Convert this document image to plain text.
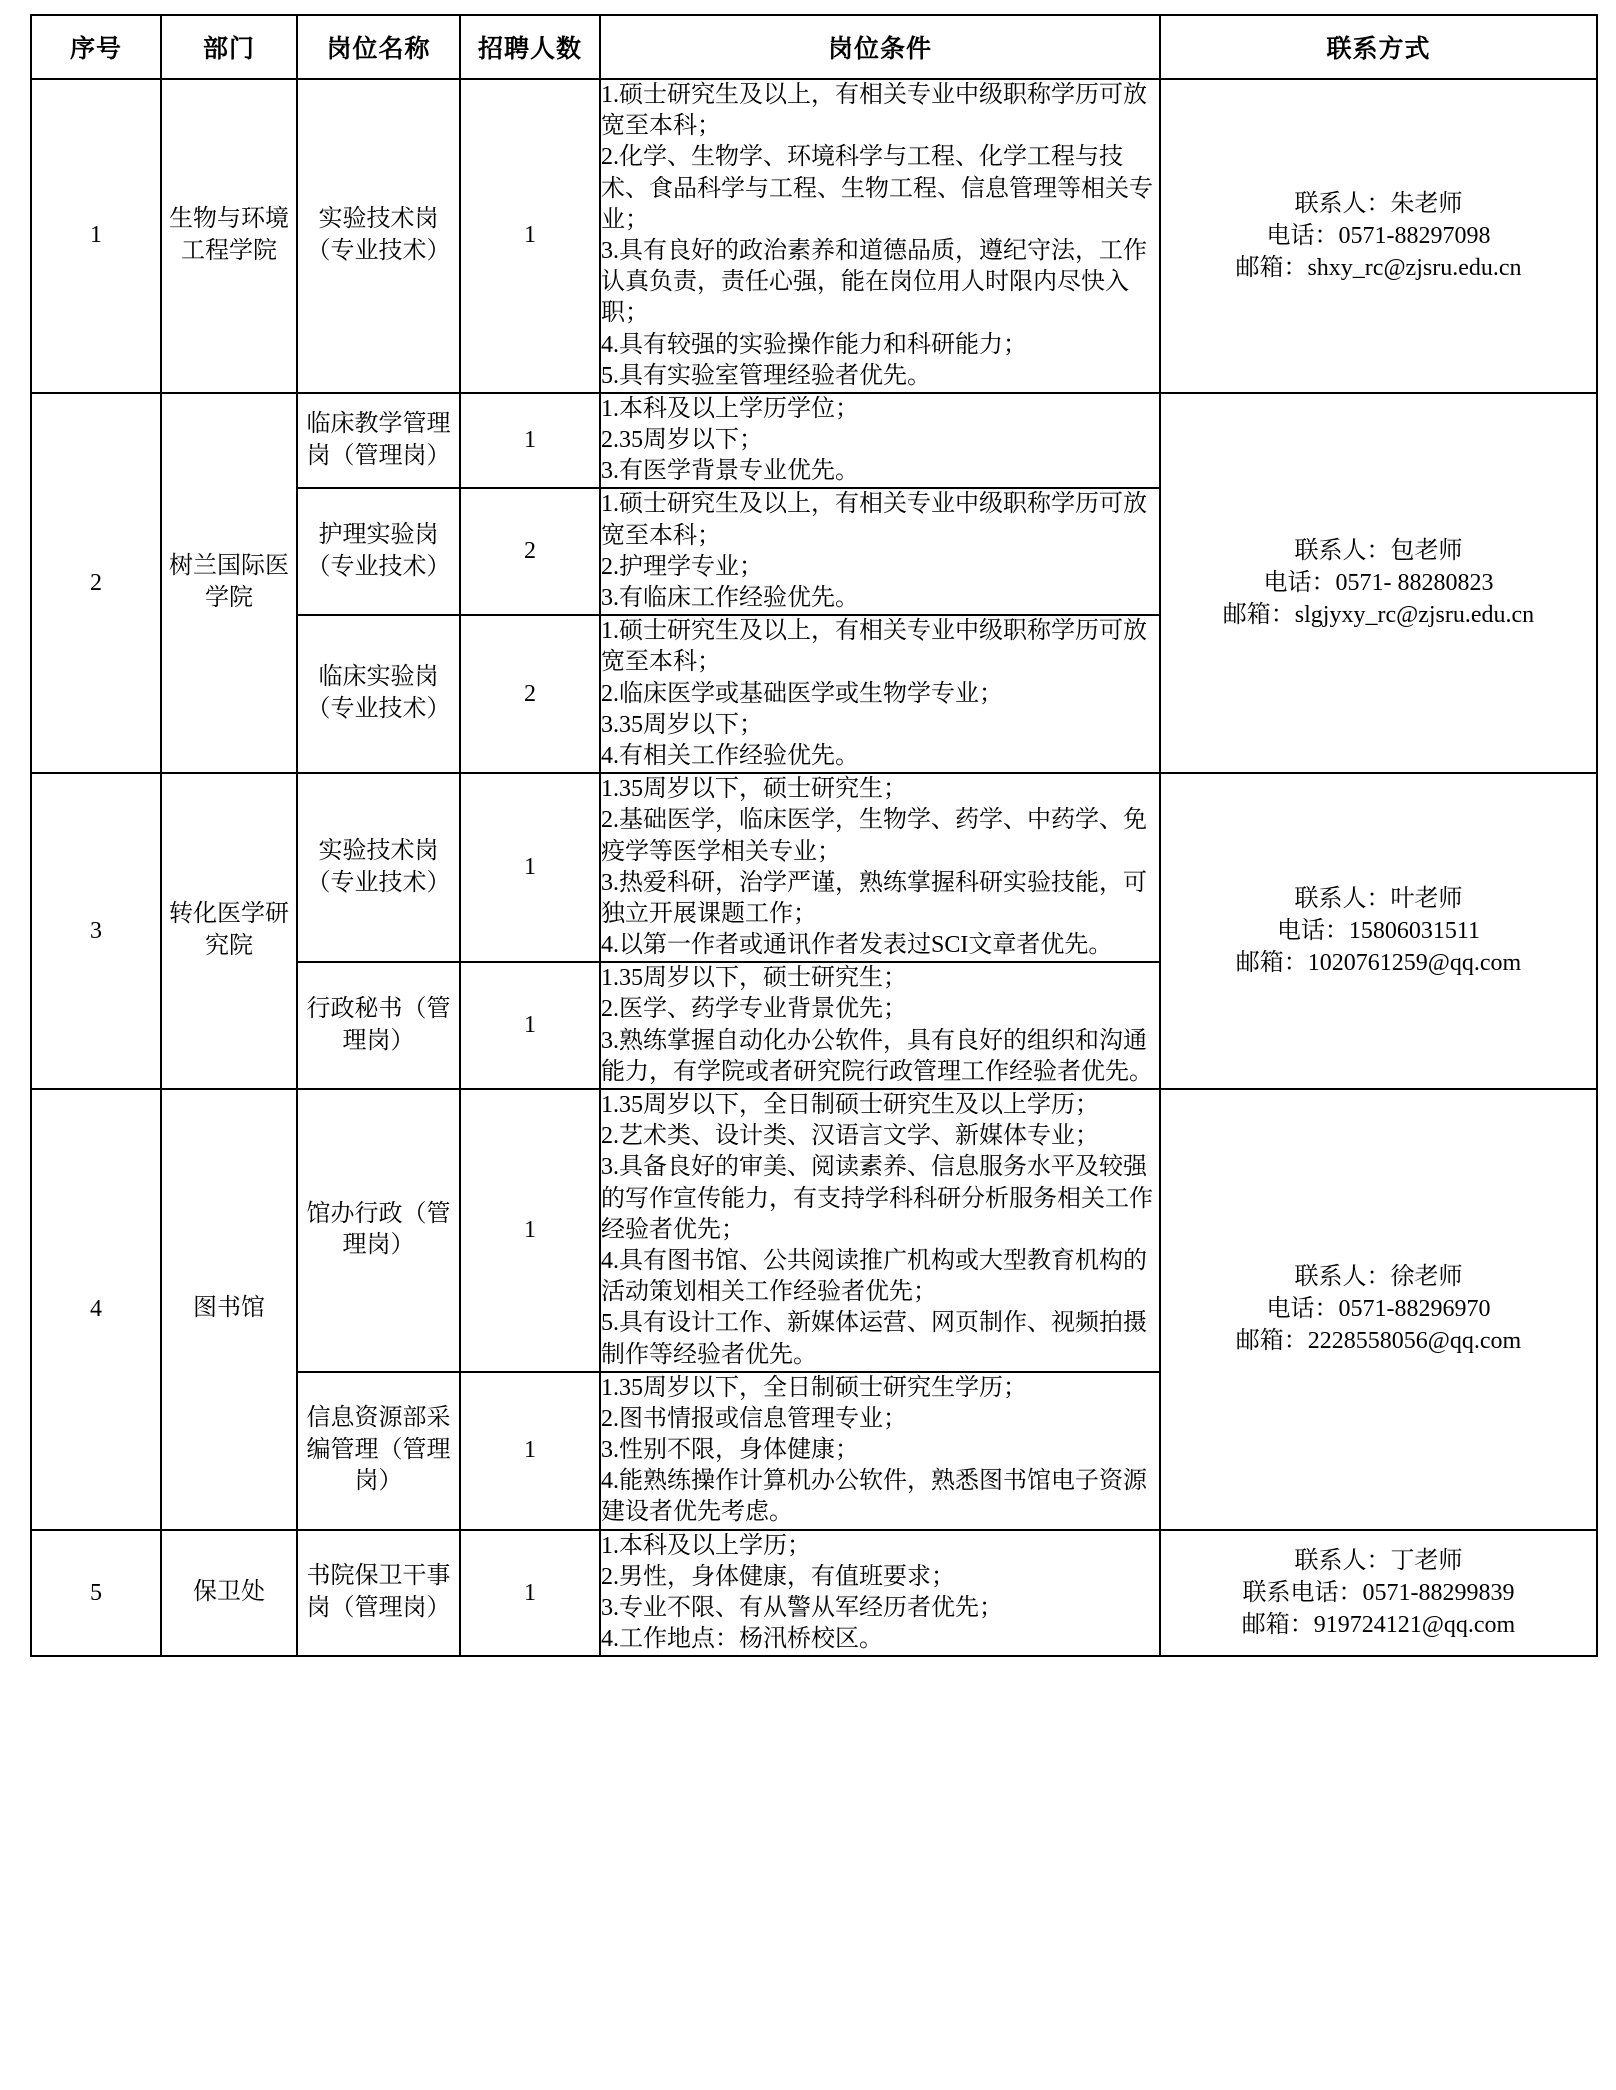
序号	部门	岗位名称	招聘人数	岗位条件	联系方式
1	生物与环境工程学院	实验技术岗（专业技术）	1	1.硕士研究生及以上，有相关专业中级职称学历可放宽至本科；
2.化学、生物学、环境科学与工程、化学工程与技术、食品科学与工程、生物工程、信息管理等相关专业；
3.具有良好的政治素养和道德品质，遵纪守法，工作认真负责，责任心强，能在岗位用人时限内尽快入职；
4.具有较强的实验操作能力和科研能力；
5.具有实验室管理经验者优先。	联系人：朱老师
电话：0571-88297098
邮箱：shxy_rc@zjsru.edu.cn

2	树兰国际医学院	临床教学管理岗（管理岗）	1	1.本科及以上学历学位；
2.35周岁以下；
3.有医学背景专业优先。	联系人：包老师
电话：0571- 88280823
邮箱：slgjyxy_rc@zjsru.edu.cn

		护理实验岗（专业技术）	2	1.硕士研究生及以上，有相关专业中级职称学历可放宽至本科；
2.护理学专业；
3.有临床工作经验优先。	

		临床实验岗（专业技术）	2	1.硕士研究生及以上，有相关专业中级职称学历可放宽至本科；
2.临床医学或基础医学或生物学专业；
3.35周岁以下；
4.有相关工作经验优先。	

3	转化医学研究院	实验技术岗（专业技术）	1	1.35周岁以下，硕士研究生；
2.基础医学，临床医学，生物学、药学、中药学、免疫学等医学相关专业；
3.热爱科研，治学严谨，熟练掌握科研实验技能，可独立开展课题工作；
4.以第一作者或通讯作者发表过SCI文章者优先。	联系人：叶老师
电话：15806031511
邮箱：1020761259@qq.com

		行政秘书（管理岗）	1	1.35周岁以下，硕士研究生；
2.医学、药学专业背景优先；
3.熟练掌握自动化办公软件，具有良好的组织和沟通能力，有学院或者研究院行政管理工作经验者优先。	

4	图书馆	馆办行政（管理岗）	1	1.35周岁以下，全日制硕士研究生及以上学历；
2.艺术类、设计类、汉语言文学、新媒体专业；
3.具备良好的审美、阅读素养、信息服务水平及较强的写作宣传能力，有支持学科科研分析服务相关工作经验者优先；
4.具有图书馆、公共阅读推广机构或大型教育机构的活动策划相关工作经验者优先；
5.具有设计工作、新媒体运营、网页制作、视频拍摄制作等经验者优先。	联系人：徐老师
电话：0571-88296970
邮箱：2228558056@qq.com

		信息资源部采编管理（管理岗）	1	1.35周岁以下，全日制硕士研究生学历；
2.图书情报或信息管理专业；
3.性别不限，身体健康；
4.能熟练操作计算机办公软件，熟悉图书馆电子资源建设者优先考虑。	

5	保卫处	书院保卫干事岗（管理岗）	1	1.本科及以上学历；
2.男性，身体健康，有值班要求；
3.专业不限、有从警从军经历者优先；
4.工作地点：杨汛桥校区。	联系人：丁老师
联系电话：0571-88299839
邮箱：919724121@qq.com
